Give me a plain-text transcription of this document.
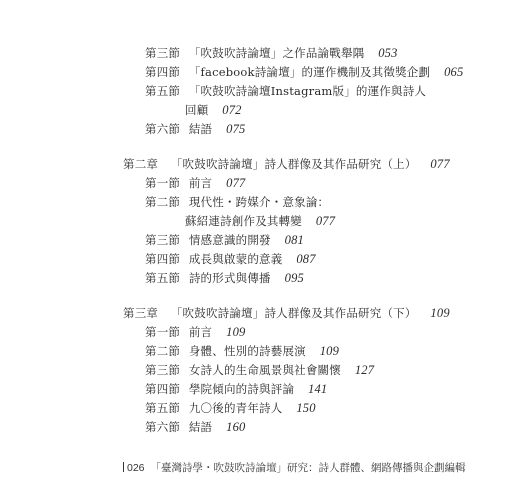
第三節 「吹鼓吹詩論壇」之作品論戰舉隅 053
第四節 「facebook詩論壇」的運作機制及其徵獎企劃 065
第五節 「吹鼓吹詩論壇Instagram版」的運作與詩人
回顧 072
第六節 結語 075
第二章 「吹鼓吹詩論壇」詩人群像及其作品研究（上） 077
第一節 前言 077
第二節 現代性・跨媒介・意象論：
蘇紹連詩創作及其轉變 077
第三節 情感意識的開發 081
第四節 成長與啟蒙的意義 087
第五節 詩的形式與傳播 095
第三章 「吹鼓吹詩論壇」詩人群像及其作品研究（下） 109
第一節 前言 109
第二節 身體、性別的詩藝展演 109
第三節 女詩人的生命風景與社會關懷 127
第四節 學院傾向的詩與評論 141
第五節 九〇後的青年詩人 150
第六節 結語 160
026 「臺灣詩學・吹鼓吹詩論壇」研究：詩人群體、網路傳播與企劃編輯
